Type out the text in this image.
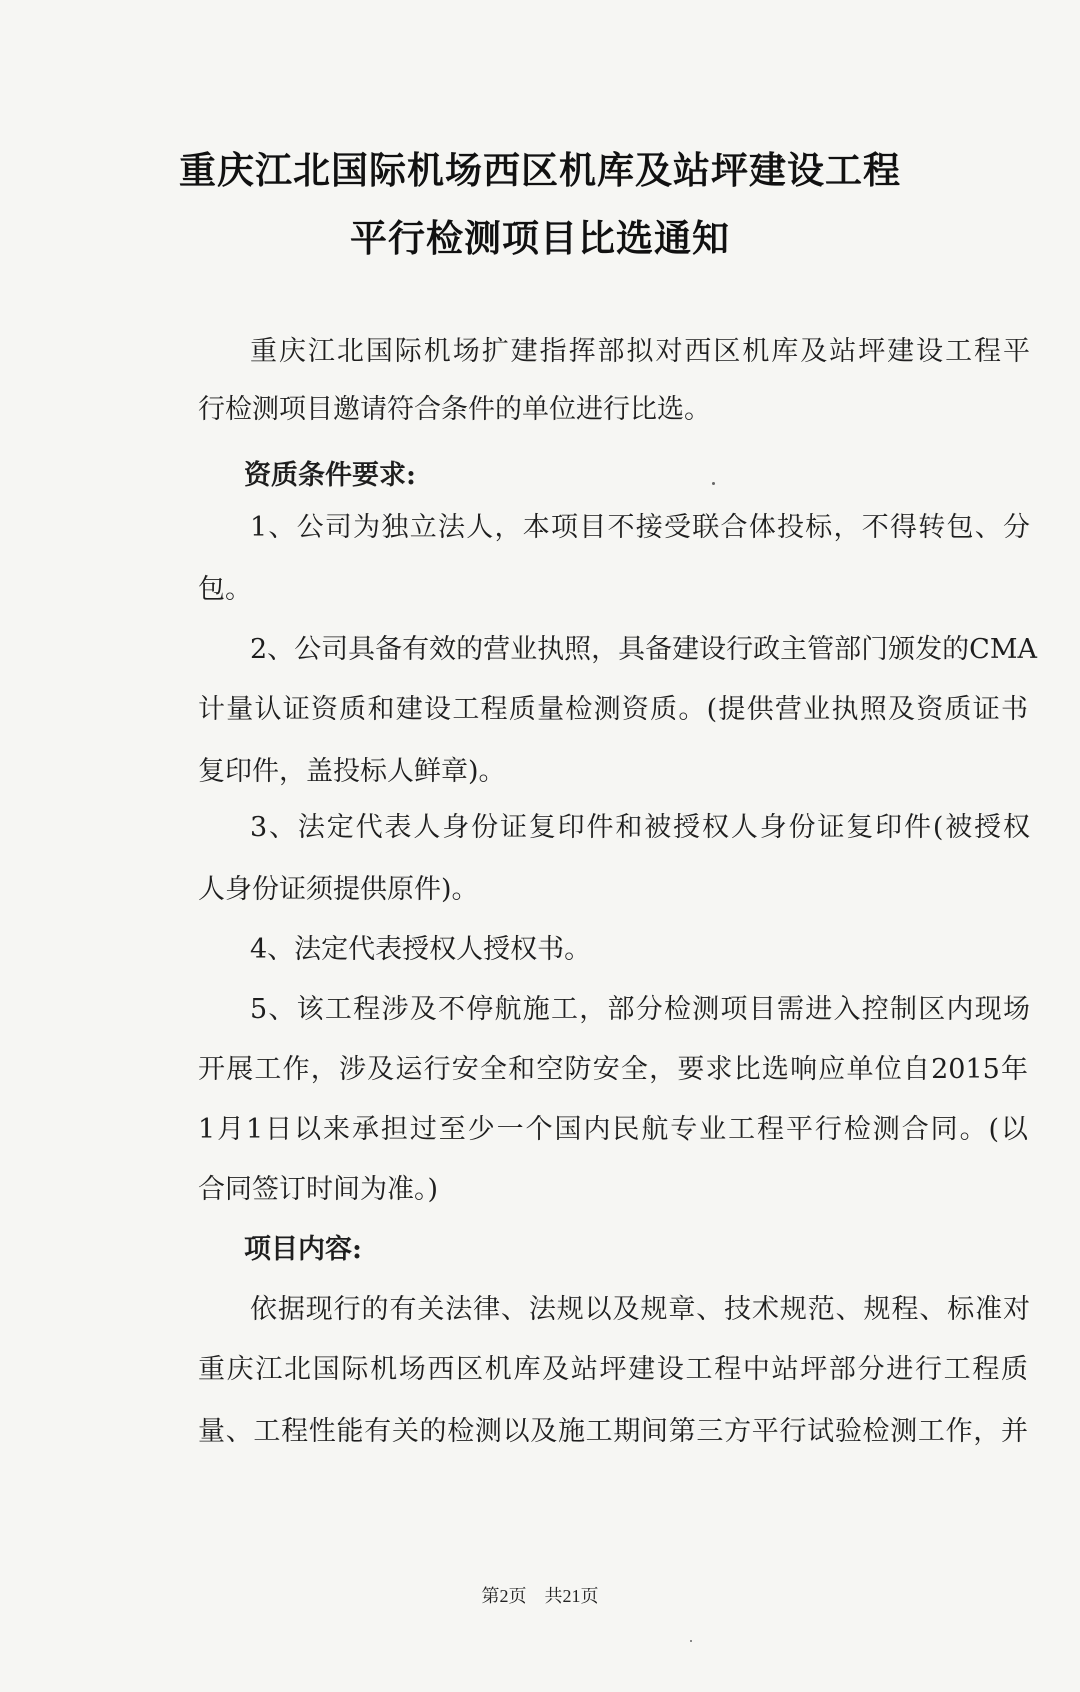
重庆江北国际机场西区机库及站坪建设工程
平行检测项目比选通知
重庆江北国际机场扩建指挥部拟对西区机库及站坪建设工程平
行检测项目邀请符合条件的单位进行比选。
资质条件要求:
1、公司为独立法人，本项目不接受联合体投标，不得转包、分
包。
2、公司具备有效的营业执照，具备建设行政主管部门颁发的CMA
计量认证资质和建设工程质量检测资质。(提供营业执照及资质证书
复印件，盖投标人鲜章)。
3、法定代表人身份证复印件和被授权人身份证复印件(被授权
人身份证须提供原件)。
4、法定代表授权人授权书。
5、该工程涉及不停航施工，部分检测项目需进入控制区内现场
开展工作，涉及运行安全和空防安全，要求比选响应单位自2015年
1月1日以来承担过至少一个国内民航专业工程平行检测合同。(以
合同签订时间为准。)
项目内容:
依据现行的有关法律、法规以及规章、技术规范、规程、标准对
重庆江北国际机场西区机库及站坪建设工程中站坪部分进行工程质
量、工程性能有关的检测以及施工期间第三方平行试验检测工作，并
第2页　共21页
